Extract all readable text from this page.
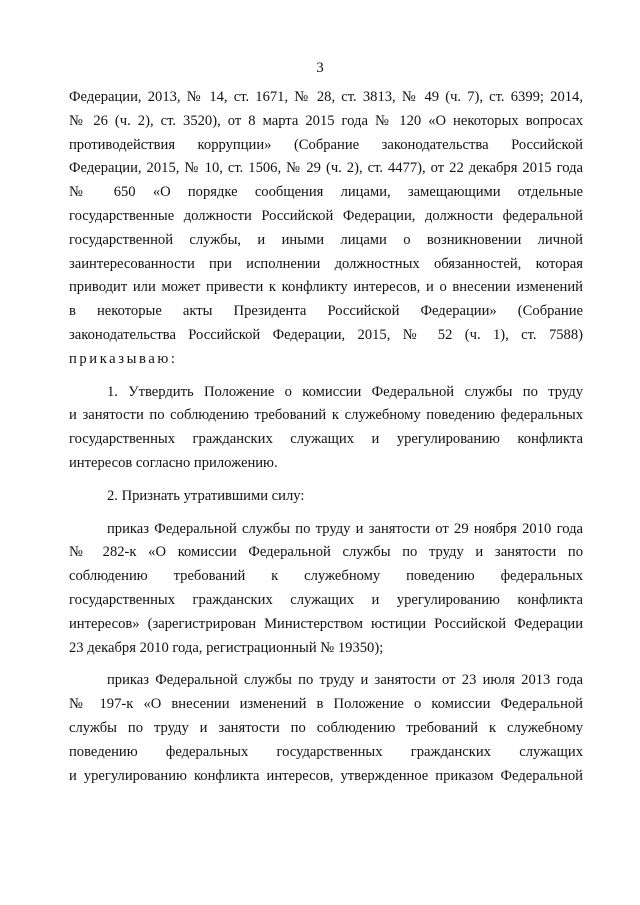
3
Федерации, 2013, № 14, ст. 1671, № 28, ст. 3813, № 49 (ч. 7), ст. 6399; 2014,
№ 26 (ч. 2), ст. 3520), от 8 марта 2015 года № 120 «О некоторых вопросах
противодействия коррупции» (Собрание законодательства Российской
Федерации, 2015, № 10, ст. 1506, № 29 (ч. 2), ст. 4477), от 22 декабря 2015 года
№ 650 «О порядке сообщения лицами, замещающими отдельные
государственные должности Российской Федерации, должности федеральной
государственной службы, и иными лицами о возникновении личной
заинтересованности при исполнении должностных обязанностей, которая
приводит или может привести к конфликту интересов, и о внесении изменений
в некоторые акты Президента Российской Федерации» (Собрание
законодательства Российской Федерации, 2015, № 52 (ч. 1), ст. 7588)
приказываю:
1. Утвердить Положение о комиссии Федеральной службы по труду
и занятости по соблюдению требований к служебному поведению федеральных
государственных гражданских служащих и урегулированию конфликта
интересов согласно приложению.
2. Признать утратившими силу:
приказ Федеральной службы по труду и занятости от 29 ноября 2010 года
№ 282-к «О комиссии Федеральной службы по труду и занятости по
соблюдению требований к служебному поведению федеральных
государственных гражданских служащих и урегулированию конфликта
интересов» (зарегистрирован Министерством юстиции Российской Федерации
23 декабря 2010 года, регистрационный № 19350);
приказ Федеральной службы по труду и занятости от 23 июля 2013 года
№ 197-к «О внесении изменений в Положение о комиссии Федеральной
службы по труду и занятости по соблюдению требований к служебному
поведению федеральных государственных гражданских служащих
и урегулированию конфликта интересов, утвержденное приказом Федеральной
